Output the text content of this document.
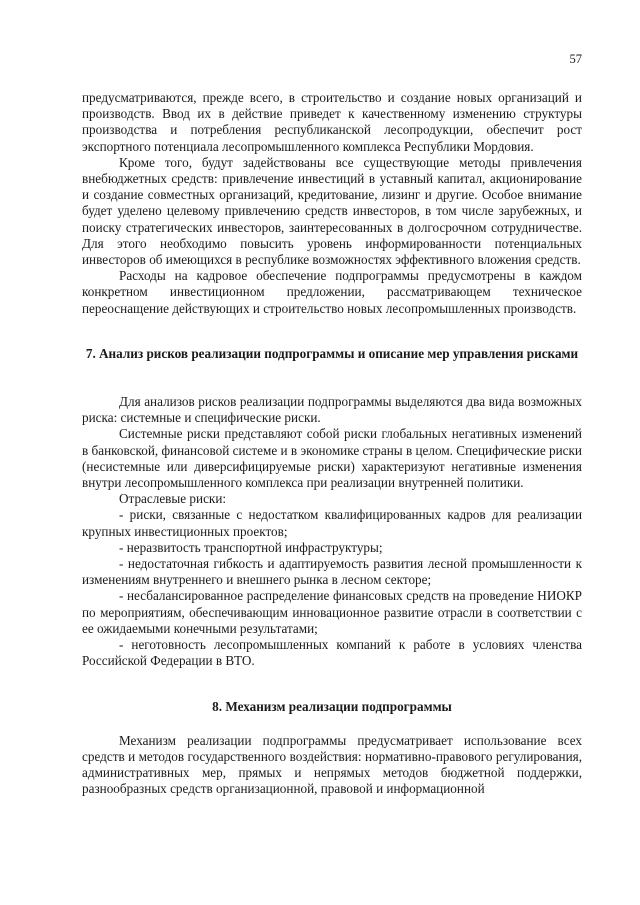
57

предусматриваются, прежде всего, в строительство и создание новых организаций и производств. Ввод их в действие приведет к качественному изменению структуры производства и потребления республиканской лесопродукции, обеспечит рост экспортного потенциала лесопромышленного комплекса Республики Мордовия.

Кроме того, будут задействованы все существующие методы привлечения внебюджетных средств: привлечение инвестиций в уставный капитал, акционирование и создание совместных организаций, кредитование, лизинг и другие. Особое внимание будет уделено целевому привлечению средств инвесторов, в том числе зарубежных, и поиску стратегических инвесторов, заинтересованных в долгосрочном сотрудничестве. Для этого необходимо повысить уровень информированности потенциальных инвесторов об имеющихся в республике возможностях эффективного вложения средств.

Расходы на кадровое обеспечение подпрограммы предусмотрены в каждом конкретном инвестиционном предложении, рассматривающем техническое переоснащение действующих и строительство новых лесопромышленных производств.

7. Анализ рисков реализации подпрограммы и описание мер управления рисками

Для анализов рисков реализации подпрограммы выделяются два вида возможных риска: системные и специфические риски.

Системные риски представляют собой риски глобальных негативных изменений в банковской, финансовой системе и в экономике страны в целом. Специфические риски (несистемные или диверсифицируемые риски) характеризуют негативные изменения внутри лесопромышленного комплекса при реализации внутренней политики.

Отраслевые риски:

- риски, связанные с недостатком квалифицированных кадров для реализации крупных инвестиционных проектов;

- неразвитость транспортной инфраструктуры;

- недостаточная гибкость и адаптируемость развития лесной промышленности к изменениям внутреннего и внешнего рынка в лесном секторе;

- несбалансированное распределение финансовых средств на проведение НИОКР по мероприятиям, обеспечивающим инновационное развитие отрасли в соответствии с ее ожидаемыми конечными результатами;

- неготовность лесопромышленных компаний к работе в условиях членства Российской Федерации в ВТО.

8. Механизм реализации подпрограммы

Механизм реализации подпрограммы предусматривает использование всех средств и методов государственного воздействия: нормативно-правового регулирования, административных мер, прямых и непрямых методов бюджетной поддержки, разнообразных средств организационной, правовой и информационной
